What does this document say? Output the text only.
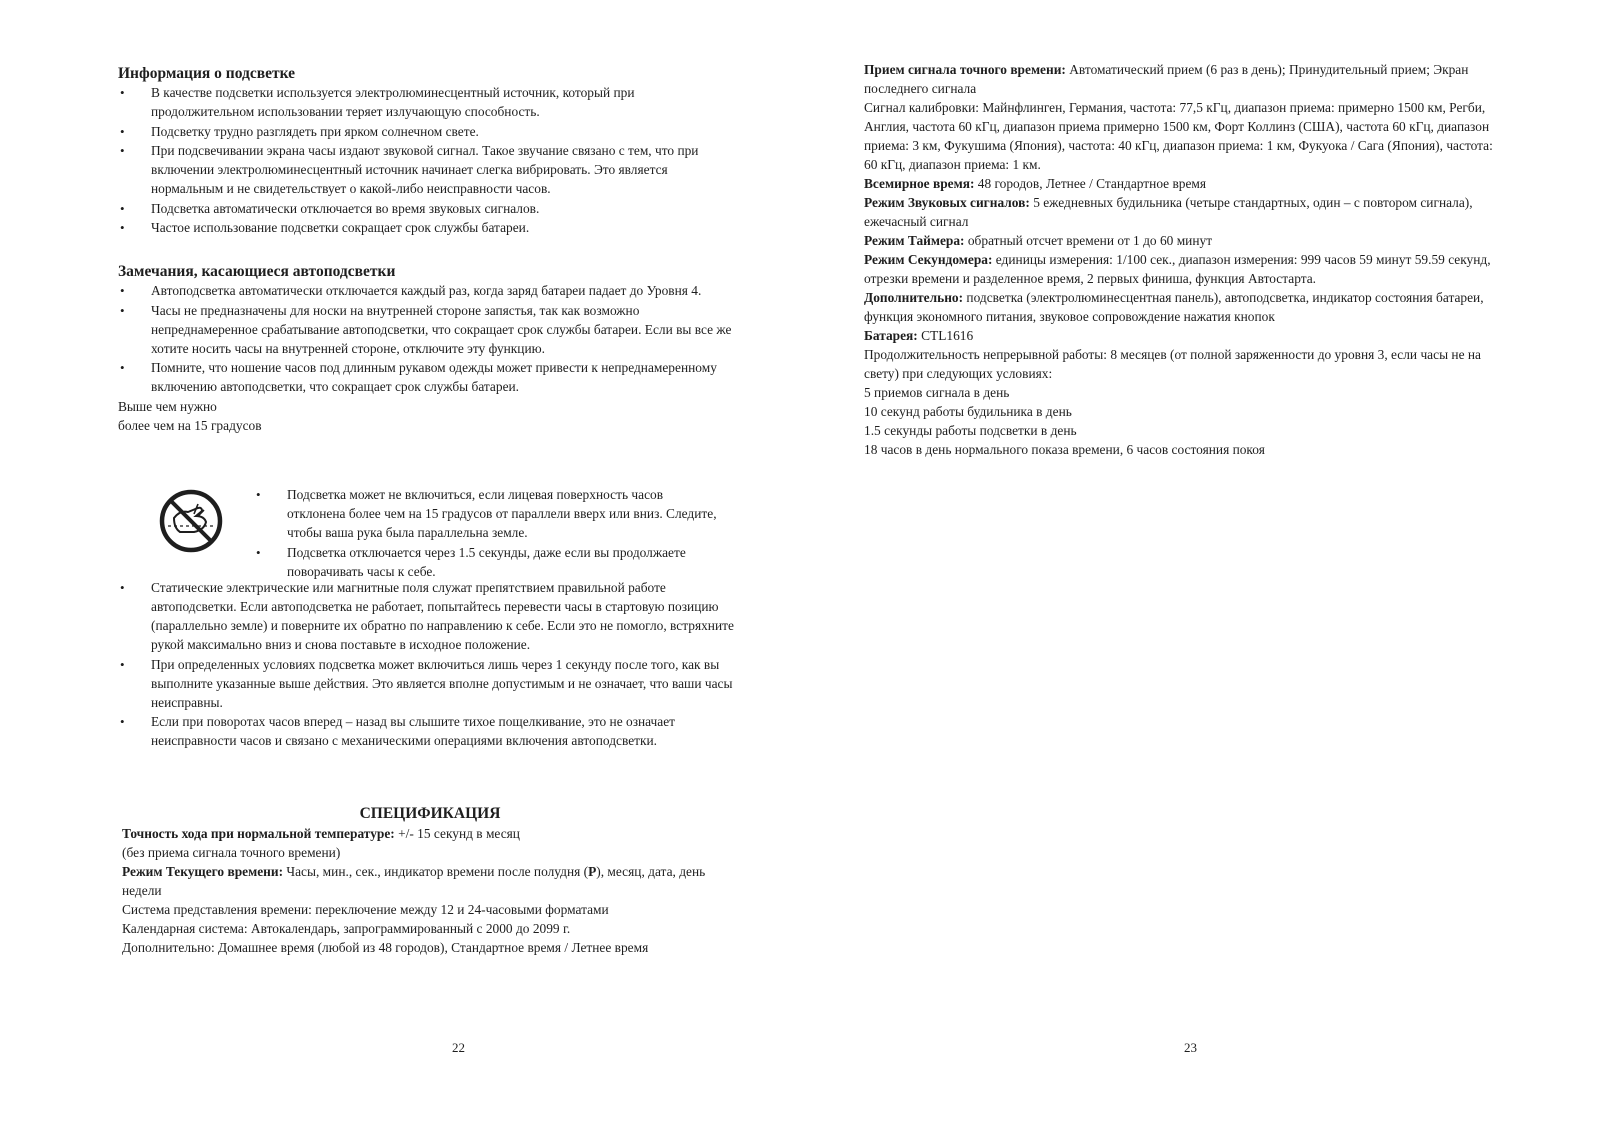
Информация о подсветке
• В качестве подсветки используется электролюминесцентный источник, который при продолжительном использовании теряет излучающую способность.
• Подсветку трудно разглядеть при ярком солнечном свете.
• При подсвечивании экрана часы издают звуковой сигнал. Такое звучание связано с тем, что при включении электролюминесцентный источник начинает слегка вибрировать. Это является нормальным и не свидетельствует о какой-либо неисправности часов.
• Подсветка автоматически отключается во время звуковых сигналов.
• Частое использование подсветки сокращает срок службы батареи.
Замечания, касающиеся автоподсветки
• Автоподсветка автоматически отключается каждый раз, когда заряд батареи падает до Уровня 4.
• Часы не предназначены для носки на внутренней стороне запястья, так как возможно непреднамеренное срабатывание автоподсветки, что сокращает срок службы батареи. Если вы все же хотите носить часы на внутренней стороне, отключите эту функцию.
• Помните, что ношение часов под длинным рукавом одежды может привести к непреднамеренному включению автоподсветки, что сокращает срок службы батареи.
Выше чем нужно
более чем на 15 градусов
• Подсветка может не включиться, если лицевая поверхность часов отклонена более чем на 15 градусов от параллели вверх или вниз. Следите, чтобы ваша рука была параллельна земле.
• Подсветка отключается через 1.5 секунды, даже если вы продолжаете поворачивать часы к себе.
• Статические электрические или магнитные поля служат препятствием правильной работе автоподсветки. Если автоподсветка не работает, попытайтесь перевести часы в стартовую позицию (параллельно земле) и поверните их обратно по направлению к себе. Если это не помогло, встряхните рукой максимально вниз и снова поставьте в исходное положение.
• При определенных условиях подсветка может включиться лишь через 1 секунду после того, как вы выполните указанные выше действия. Это является вполне допустимым и не означает, что ваши часы неисправны.
• Если при поворотах часов вперед – назад вы слышите тихое пощелкивание, это не означает неисправности часов и связано с механическими операциями включения автоподсветки.
СПЕЦИФИКАЦИЯ

Точность хода при нормальной температуре: +/- 15 секунд в месяц

(без приема сигнала точного времени)

Режим Текущего времени: Часы, мин., сек., индикатор времени после полудня (P), месяц, дата, день недели

Система представления времени: переключение между 12 и 24-часовыми форматами

Календарная система: Автокалендарь, запрограммированный с 2000 до 2099 г.

Дополнительно: Домашнее время (любой из 48 городов), Стандартное время / Летнее время

22

Прием сигнала точного времени: Автоматический прием (6 раз в день); Принудительный прием; Экран последнего сигнала

Сигнал калибровки: Майнфлинген, Германия, частота: 77,5 кГц, диапазон приема: примерно 1500 км, Регби, Англия, частота 60 кГц, диапазон приема примерно 1500 км, Форт Коллинз (США), частота 60 кГц, диапазон приема: 3 км, Фукушима (Япония), частота: 40 кГц, диапазон приема: 1 км, Фукуока / Сага (Япония), частота: 60 кГц, диапазон приема: 1 км.

Всемирное время: 48 городов, Летнее / Стандартное время

Режим Звуковых сигналов: 5 ежедневных будильника (четыре стандартных, один – с повтором сигнала), ежечасный сигнал

Режим Таймера: обратный отсчет времени от 1 до 60 минут

Режим Секундомера: единицы измерения: 1/100 сек., диапазон измерения: 999 часов 59 минут 59.59 секунд, отрезки времени и разделенное время, 2 первых финиша, функция Автостарта.

Дополнительно: подсветка (электролюминесцентная панель), автоподсветка, индикатор состояния батареи, функция экономного питания, звуковое сопровождение нажатия кнопок

Батарея: CTL1616

Продолжительность непрерывной работы: 8 месяцев (от полной заряженности до уровня 3, если часы не на свету) при следующих условиях:

5 приемов сигнала в день

10 секунд работы будильника в день

1.5 секунды работы подсветки в день

18 часов в день нормального показа времени, 6 часов состояния покоя

23
